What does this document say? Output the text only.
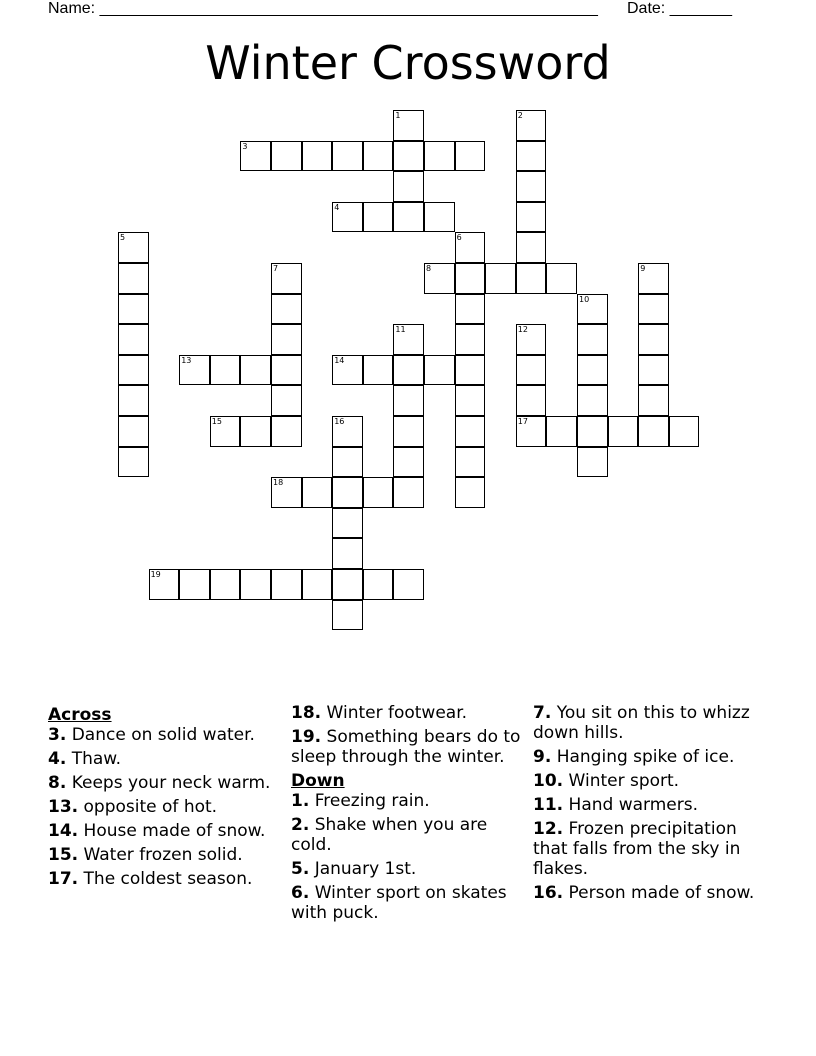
Name: ________________________________________________________ Date: _______
Winter Crossword
1	2
3
4
5	6
7	8	9
10
11	12
17
13	14
15	16
18
19
Across
3. Dance on solid water.
4. Thaw.
8. Keeps your neck warm.
13. opposite of hot.
14. House made of snow.
15. Water frozen solid.
17. The coldest season.
18. Winter footwear.
19. Something bears do to sleep through the winter.
Down
1. Freezing rain.
2. Shake when you are cold.
5. January 1st.
6. Winter sport on skates with puck.
7. You sit on this to whizz down hills.
9. Hanging spike of ice.
10. Winter sport.
11. Hand warmers.
12. Frozen precipitation that falls from the sky in flakes.
16. Person made of snow.
